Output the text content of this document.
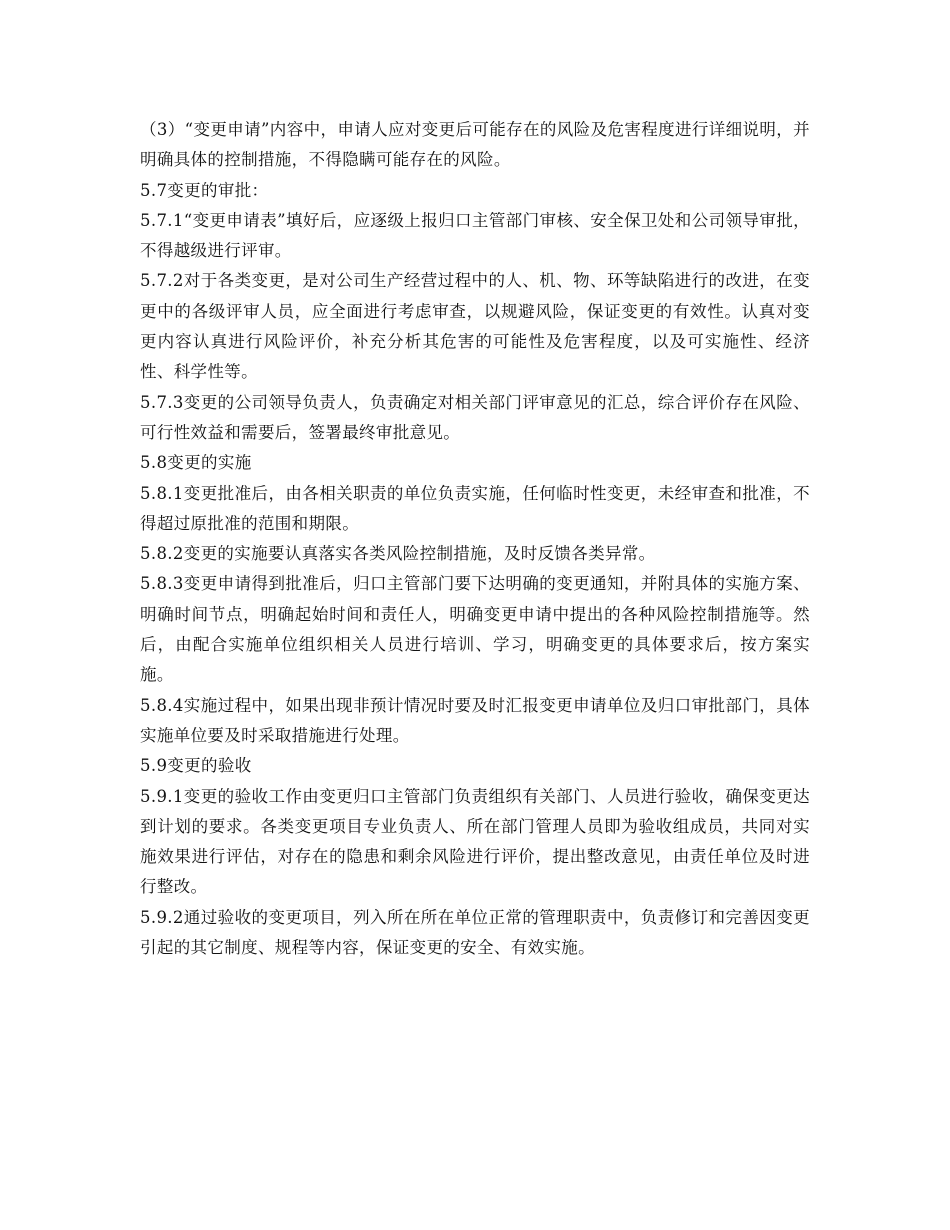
（3）“变更申请”内容中，申请人应对变更后可能存在的风险及危害程度进行详细说明，并明确具体的控制措施，不得隐瞒可能存在的风险。

5.7变更的审批：

5.7.1“变更申请表”填好后，应逐级上报归口主管部门审核、安全保卫处和公司领导审批，不得越级进行评审。

5.7.2对于各类变更，是对公司生产经营过程中的人、机、物、环等缺陷进行的改进，在变更中的各级评审人员，应全面进行考虑审查，以规避风险，保证变更的有效性。认真对变更内容认真进行风险评价，补充分析其危害的可能性及危害程度，以及可实施性、经济性、科学性等。

5.7.3变更的公司领导负责人，负责确定对相关部门评审意见的汇总，综合评价存在风险、可行性效益和需要后，签署最终审批意见。

5.8变更的实施

5.8.1变更批准后，由各相关职责的单位负责实施，任何临时性变更，未经审查和批准，不得超过原批准的范围和期限。

5.8.2变更的实施要认真落实各类风险控制措施，及时反馈各类异常。

5.8.3变更申请得到批准后，归口主管部门要下达明确的变更通知，并附具体的实施方案、明确时间节点，明确起始时间和责任人，明确变更申请中提出的各种风险控制措施等。然后，由配合实施单位组织相关人员进行培训、学习，明确变更的具体要求后，按方案实施。

5.8.4实施过程中，如果出现非预计情况时要及时汇报变更申请单位及归口审批部门，具体实施单位要及时采取措施进行处理。

5.9变更的验收

5.9.1变更的验收工作由变更归口主管部门负责组织有关部门、人员进行验收，确保变更达到计划的要求。各类变更项目专业负责人、所在部门管理人员即为验收组成员，共同对实施效果进行评估，对存在的隐患和剩余风险进行评价，提出整改意见，由责任单位及时进行整改。

5.9.2通过验收的变更项目，列入所在所在单位正常的管理职责中，负责修订和完善因变更引起的其它制度、规程等内容，保证变更的安全、有效实施。
